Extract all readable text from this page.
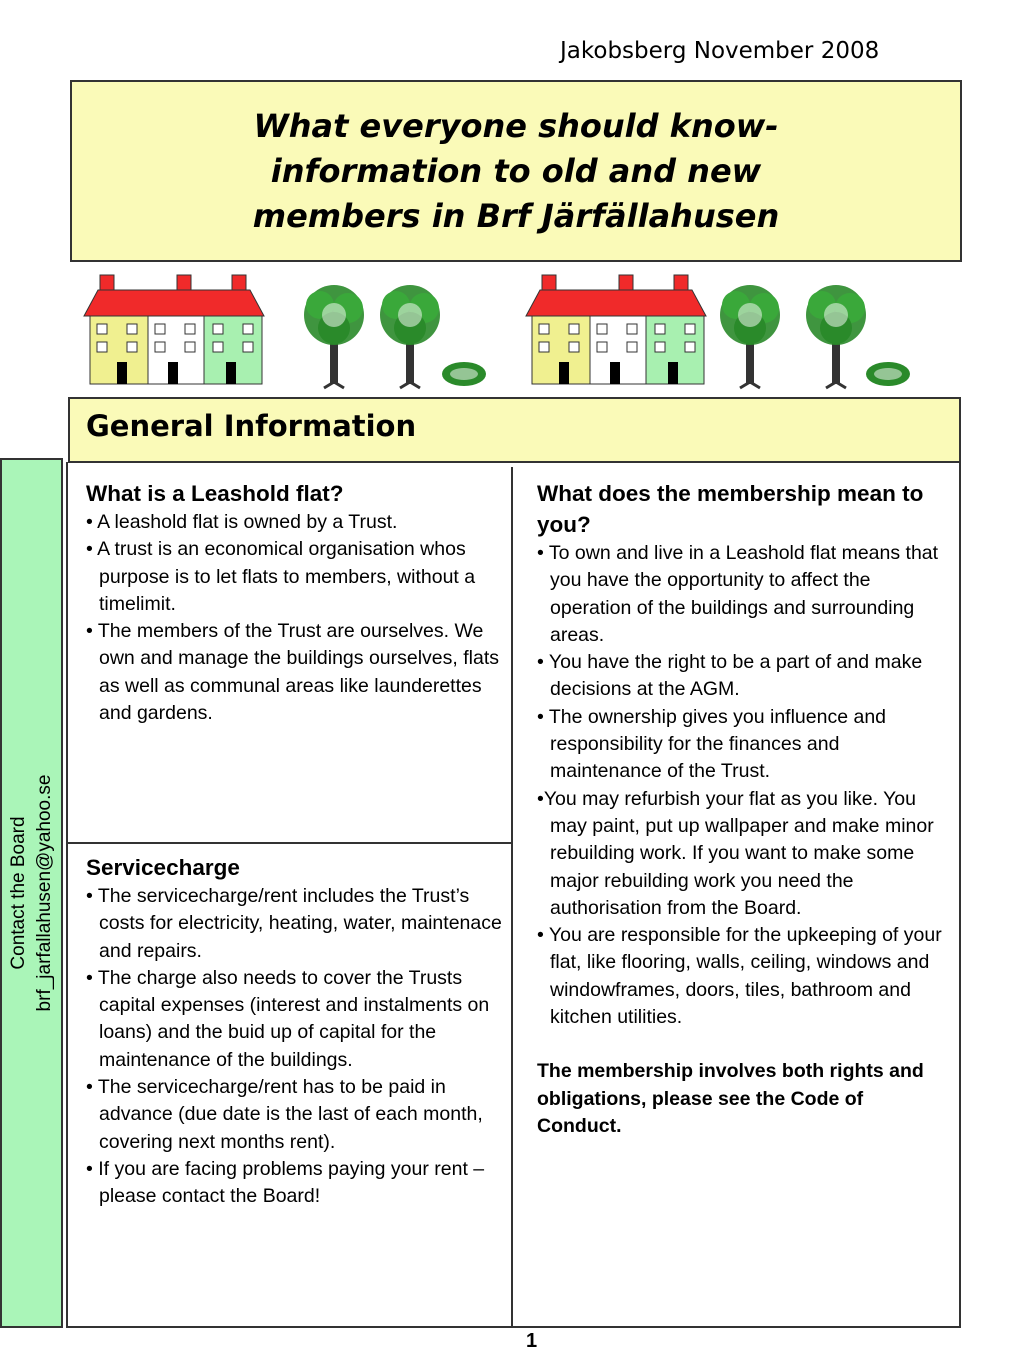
Jakobsberg November 2008
What everyone should know- information to old and new members in Brf Järfällahusen
General Information
Contact the Board brf_jarfallahusen@yahoo.se
What is a Leashold flat?
• A leashold flat is owned by a Trust.
• A trust is an economical organisation whos purpose is to let flats to members, without a timelimit.
• The members of the Trust are ourselves. We own and manage the buildings ourselves, flats as well as communal areas like launderettes and gardens.
Servicecharge
• The servicecharge/rent includes the Trust’s costs for electricity, heating, water, maintenace and repairs.
• The charge also needs to cover the Trusts capital expenses (interest and instalments on loans) and the buid up of capital for the maintenance of the buildings.
• The servicecharge/rent has to be paid in advance (due date is the last of each month, covering next months rent).
• If you are facing problems paying your rent – please contact the Board!
What does the membership mean to you?
• To own and live in a Leashold flat means that you have the opportunity to affect the operation of the buildings and surrounding areas.
• You have the right to be a part of and make decisions at the AGM.
• The ownership gives you influence and responsibility for the finances and maintenance of the Trust.
•You may refurbish your flat as you like. You may paint, put up wallpaper and make minor rebuilding work. If you want to make some major rebuilding work you need the authorisation from the Board.
• You are responsible for the upkeeping of your flat, like flooring, walls, ceiling, windows and windowframes, doors, tiles, bathroom and kitchen utilities.
The membership involves both rights and obligations, please see the Code of Conduct.
1
